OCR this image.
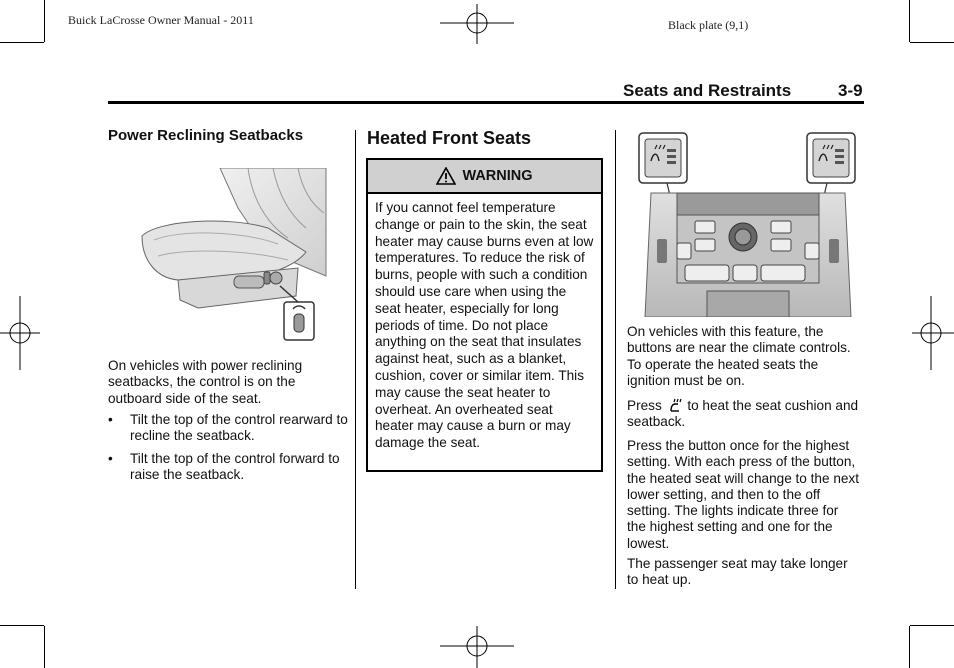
Buick LaCrosse Owner Manual - 2011	Black plate (9,1)
Seats and Restraints	3-9
Power Reclining Seatbacks
On vehicles with power reclining seatbacks, the control is on the outboard side of the seat.
• Tilt the top of the control rearward to recline the seatback.
• Tilt the top of the control forward to raise the seatback.
Heated Front Seats
WARNING
If you cannot feel temperature change or pain to the skin, the seat heater may cause burns even at low temperatures. To reduce the risk of burns, people with such a condition should use care when using the seat heater, especially for long periods of time. Do not place anything on the seat that insulates against heat, such as a blanket, cushion, cover or similar item. This may cause the seat heater to overheat. An overheated seat heater may cause a burn or may damage the seat.
On vehicles with this feature, the buttons are near the climate controls. To operate the heated seats the ignition must be on.
Press to heat the seat cushion and seatback.
Press the button once for the highest setting. With each press of the button, the heated seat will change to the next lower setting, and then to the off setting. The lights indicate three for the highest setting and one for the lowest.
The passenger seat may take longer to heat up.
